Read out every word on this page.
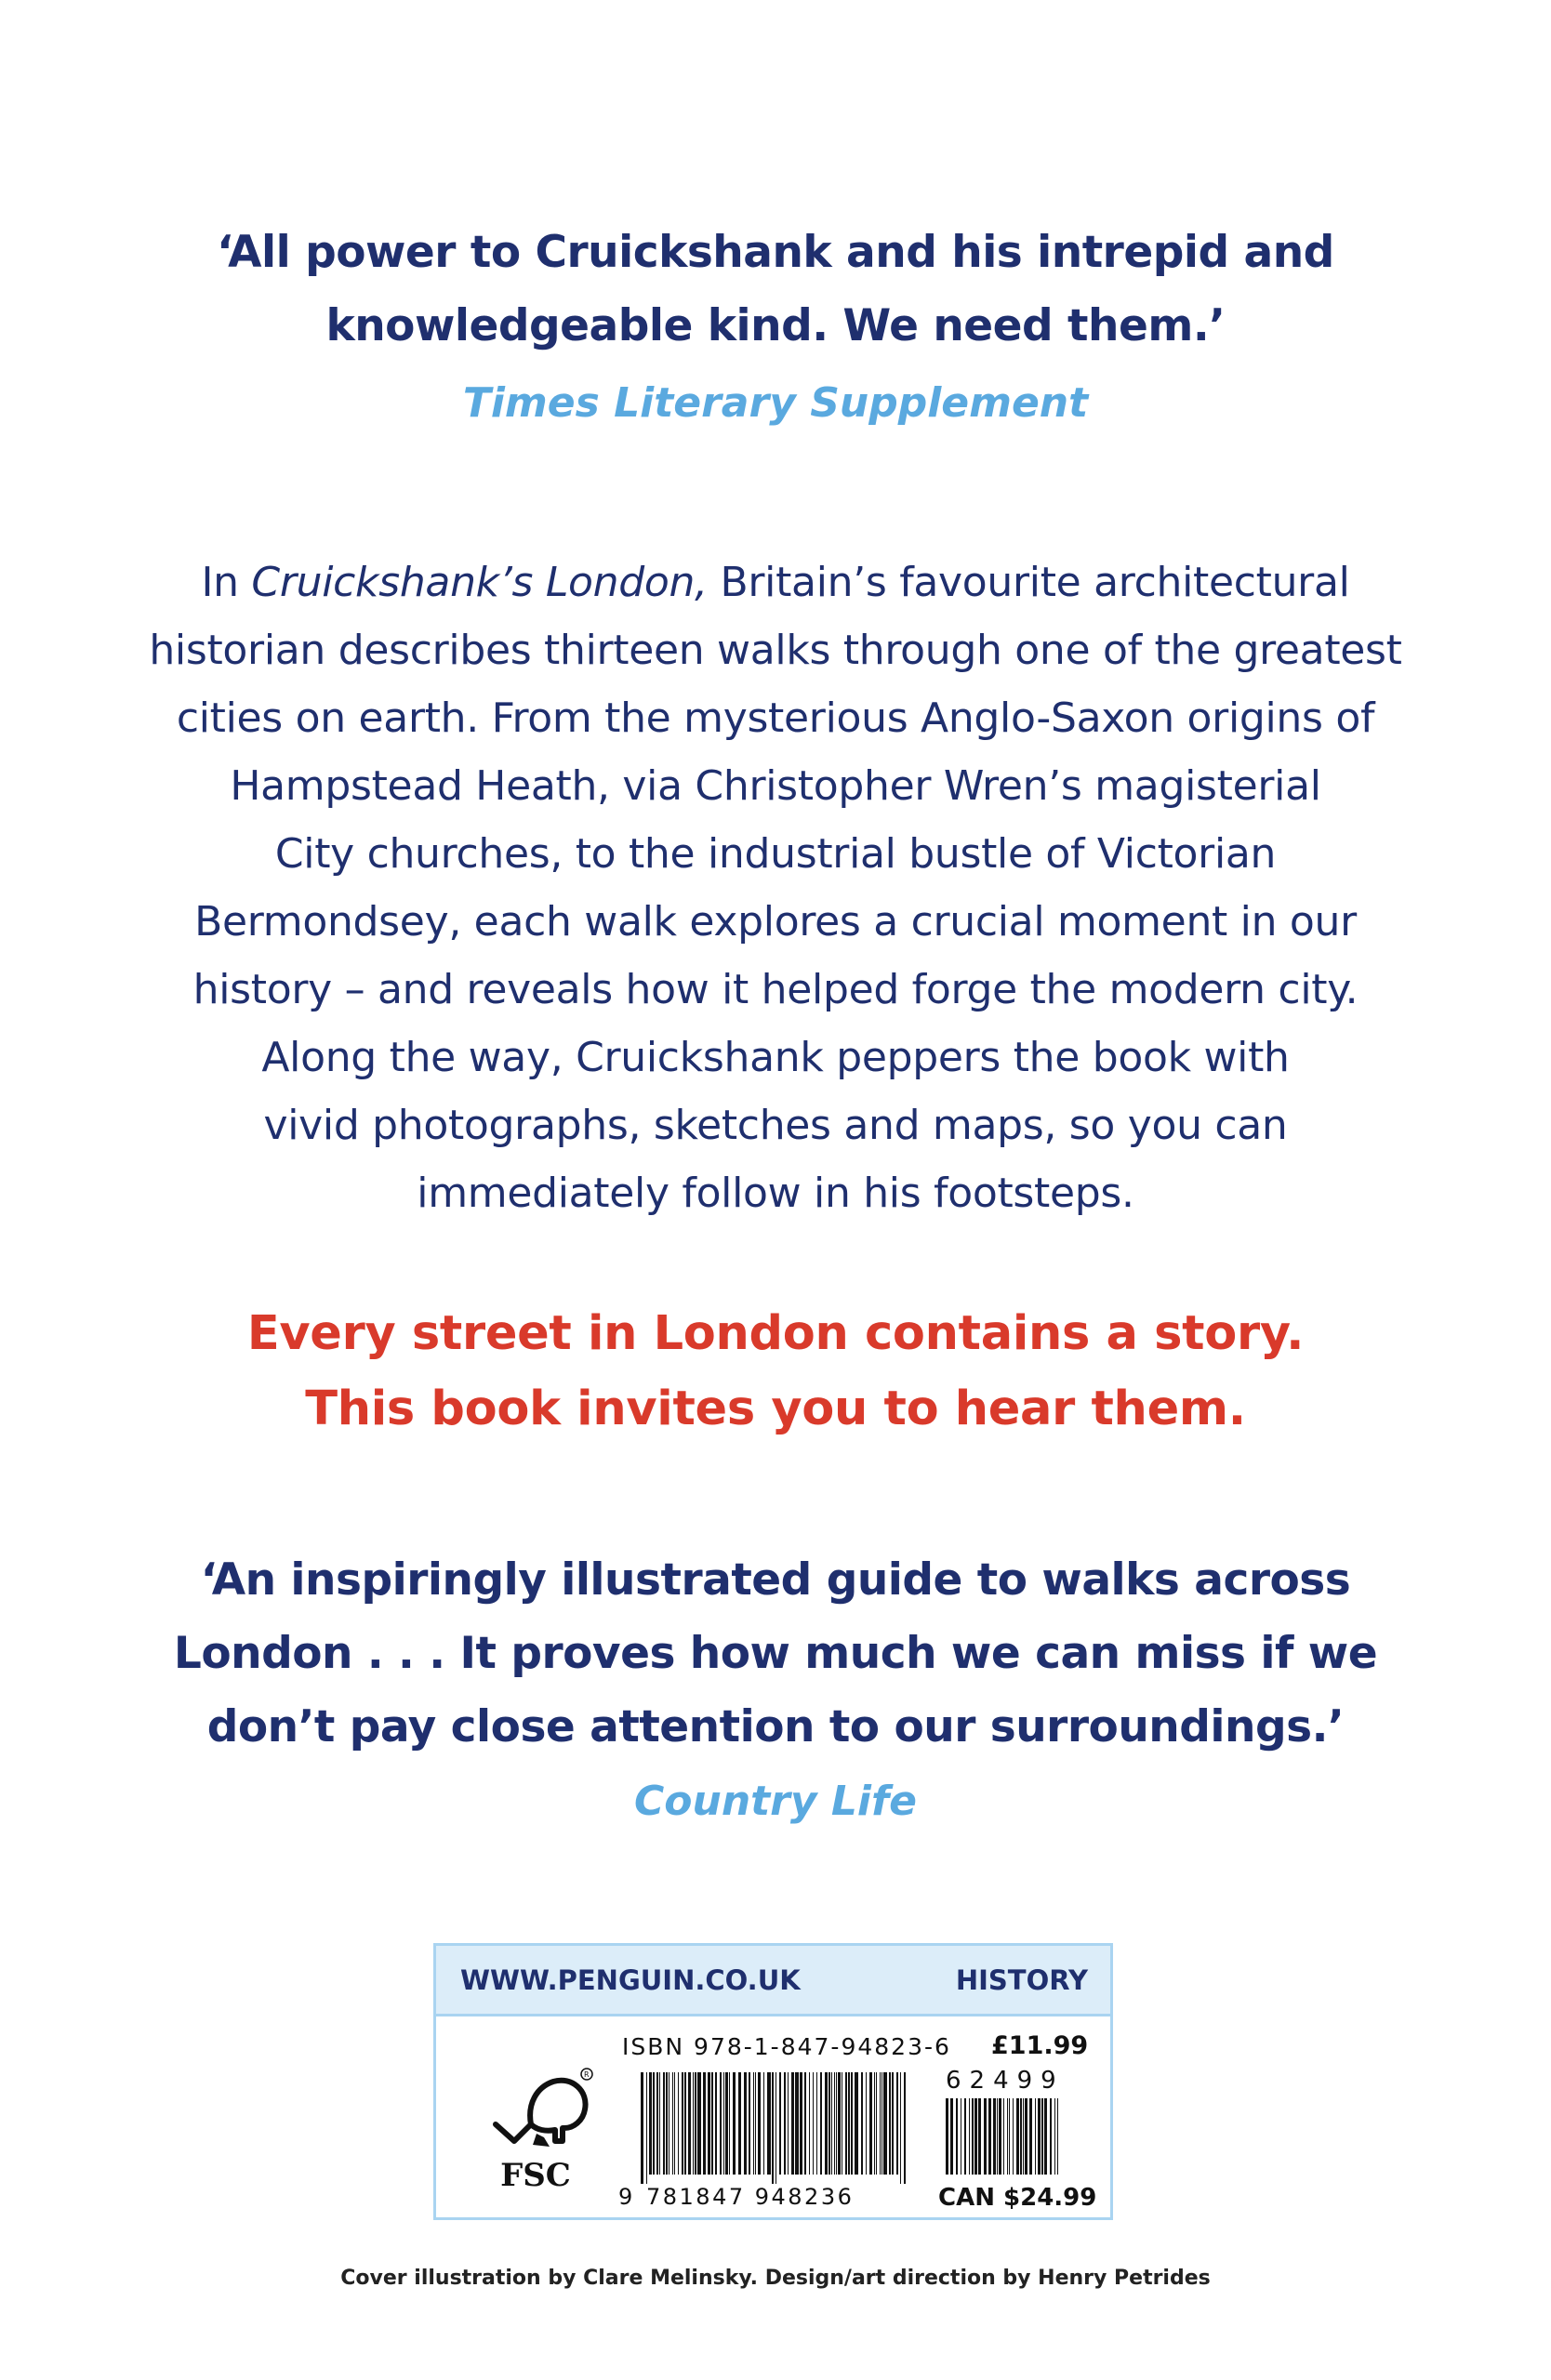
‘All power to Cruickshank and his intrepid and
knowledgeable kind. We need them.’
Times Literary Supplement
In Cruickshank’s London, Britain’s favourite architectural
historian describes thirteen walks through one of the greatest
cities on earth. From the mysterious Anglo-Saxon origins of
Hampstead Heath, via Christopher Wren’s magisterial
City churches, to the industrial bustle of Victorian
Bermondsey, each walk explores a crucial moment in our
history – and reveals how it helped forge the modern city.
Along the way, Cruickshank peppers the book with
vivid photographs, sketches and maps, so you can
immediately follow in his footsteps.
Every street in London contains a story.
This book invites you to hear them.
‘An inspiringly illustrated guide to walks across
London . . . It proves how much we can miss if we
don’t pay close attention to our surroundings.’
Country Life
WWW.PENGUIN.CO.UK	HISTORY
R
FSC
ISBN 978-1-847-94823-6 £11.99
9 781847 948236
62499
CAN $24.99
Cover illustration by Clare Melinsky. Design/art direction by Henry Petrides
